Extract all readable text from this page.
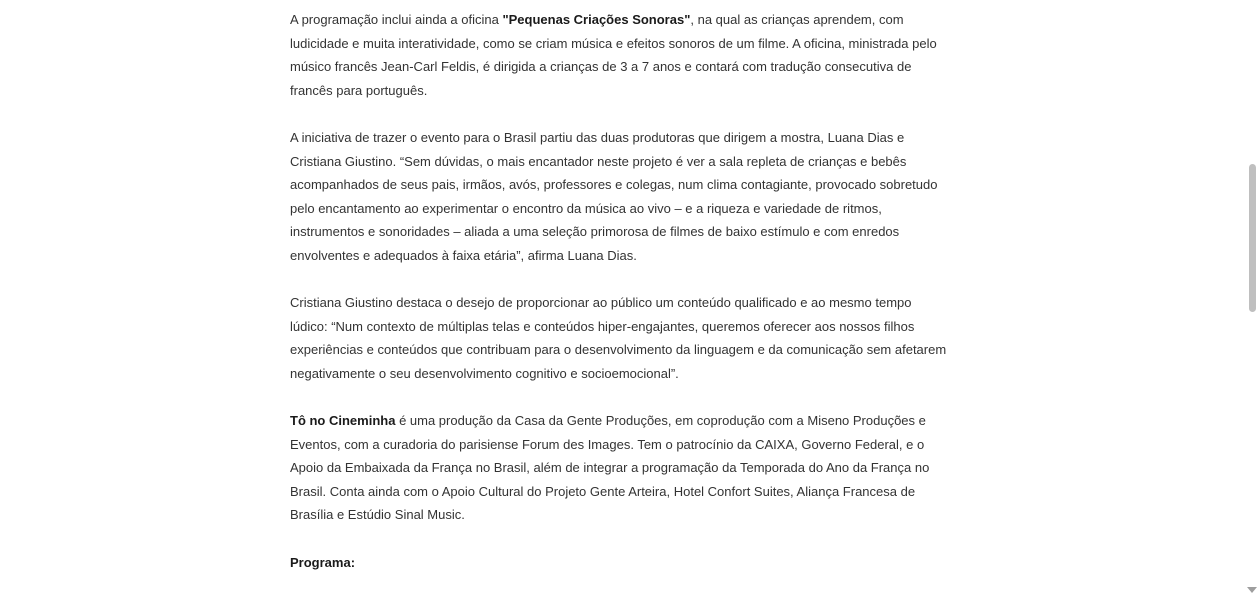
A programação inclui ainda a oficina "Pequenas Criações Sonoras", na qual as crianças aprendem, com ludicidade e muita interatividade, como se criam música e efeitos sonoros de um filme. A oficina, ministrada pelo músico francês Jean-Carl Feldis, é dirigida a crianças de 3 a 7 anos e contará com tradução consecutiva de francês para português.

A iniciativa de trazer o evento para o Brasil partiu das duas produtoras que dirigem a mostra, Luana Dias e Cristiana Giustino. “Sem dúvidas, o mais encantador neste projeto é ver a sala repleta de crianças e bebês acompanhados de seus pais, irmãos, avós, professores e colegas, num clima contagiante, provocado sobretudo pelo encantamento ao experimentar o encontro da música ao vivo – e a riqueza e variedade de ritmos, instrumentos e sonoridades – aliada a uma seleção primorosa de filmes de baixo estímulo e com enredos envolventes e adequados à faixa etária”, afirma Luana Dias.

Cristiana Giustino destaca o desejo de proporcionar ao público um conteúdo qualificado e ao mesmo tempo lúdico: “Num contexto de múltiplas telas e conteúdos hiper-engajantes, queremos oferecer aos nossos filhos experiências e conteúdos que contribuam para o desenvolvimento da linguagem e da comunicação sem afetarem negativamente o seu desenvolvimento cognitivo e socioemocional”.

Tô no Cineminha é uma produção da Casa da Gente Produções, em coprodução com a Miseno Produções e Eventos, com a curadoria do parisiense Forum des Images. Tem o patrocínio da CAIXA, Governo Federal, e o Apoio da Embaixada da França no Brasil, além de integrar a programação da Temporada do Ano da França no Brasil. Conta ainda com o Apoio Cultural do Projeto Gente Arteira, Hotel Confort Suites, Aliança Francesa de Brasília e Estúdio Sinal Music.

Programa:
